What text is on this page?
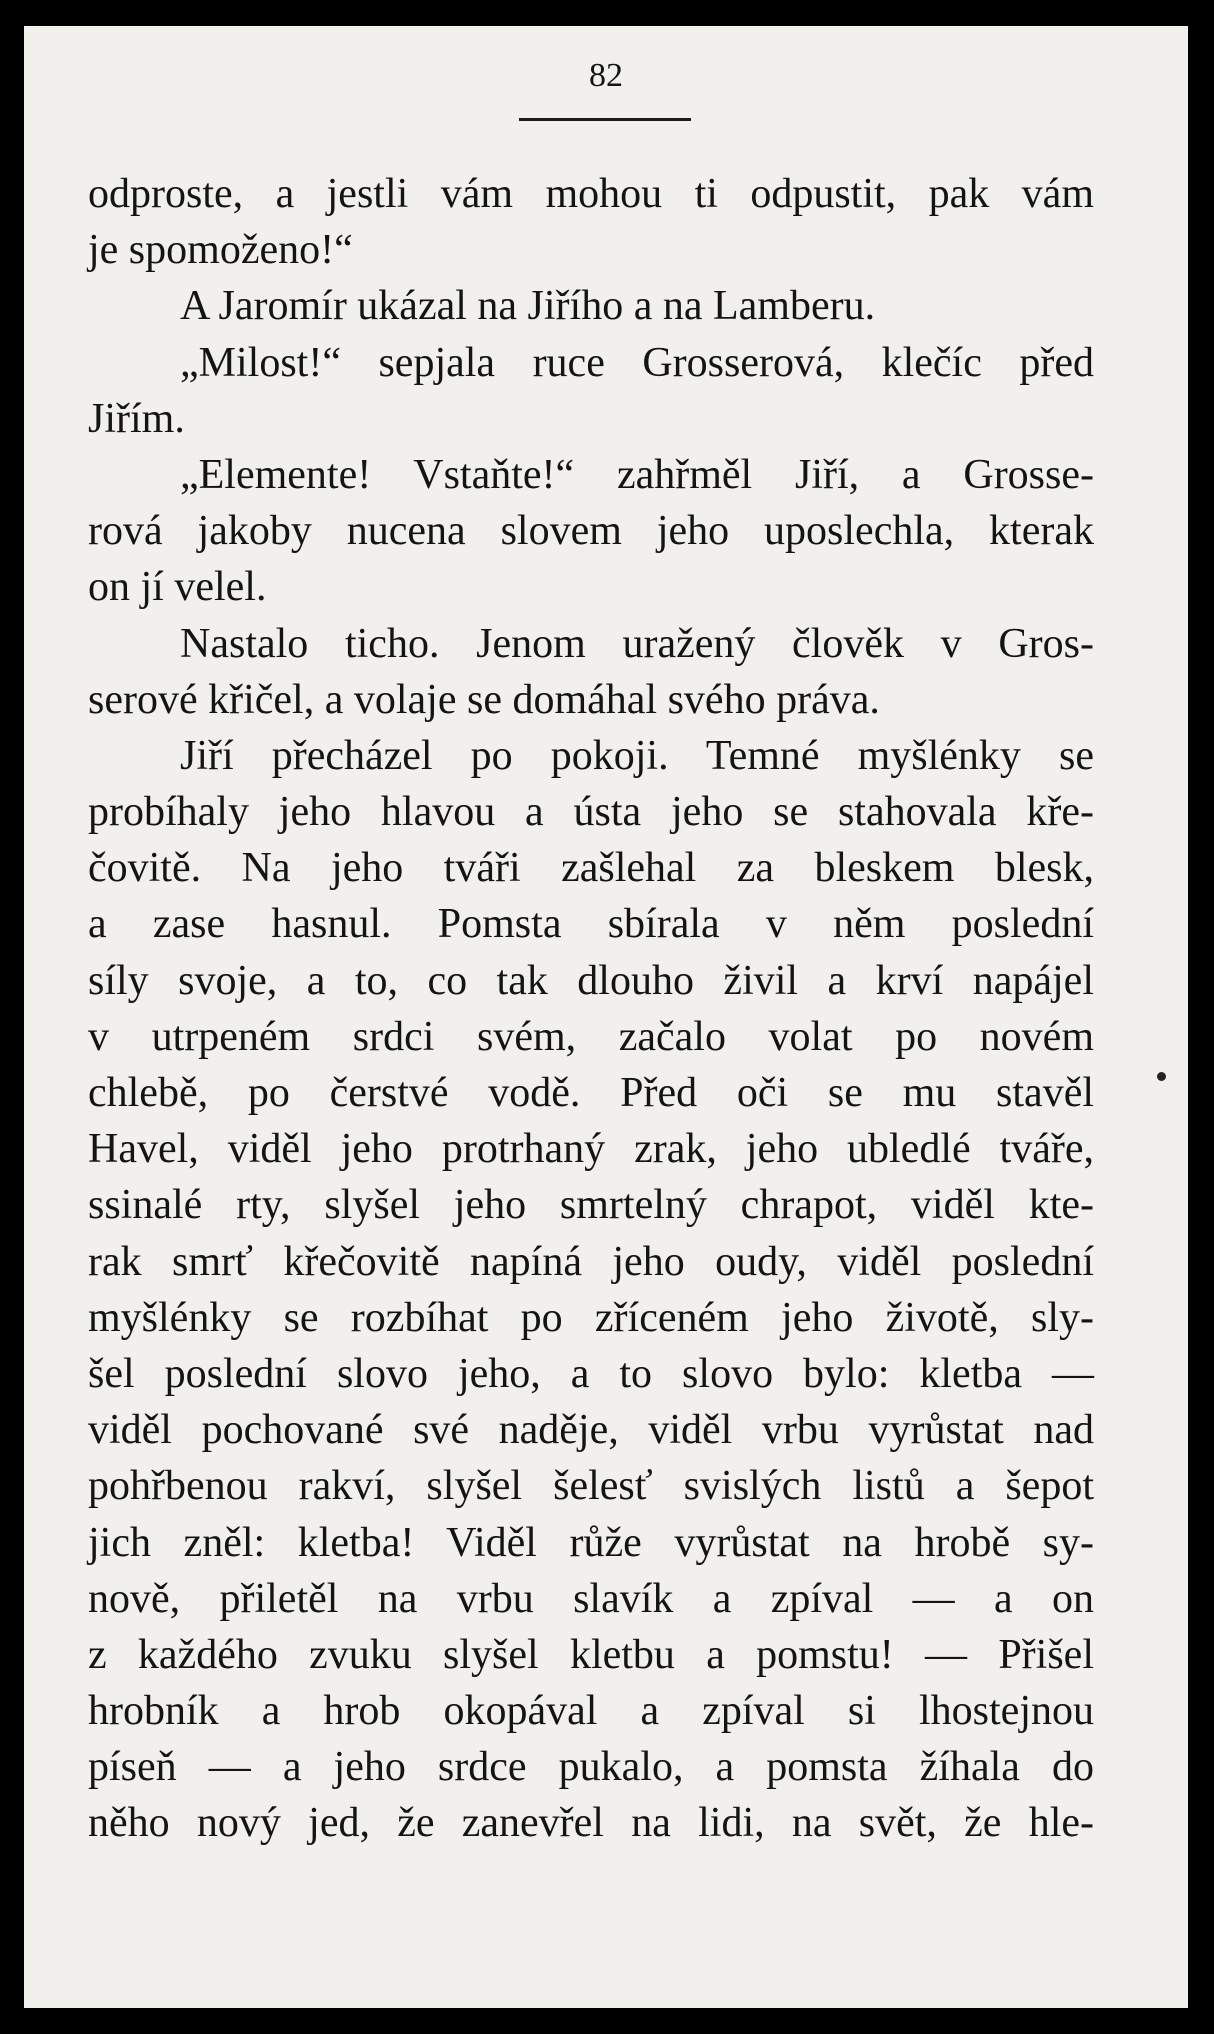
82
odproste, a jestli vám mohou ti odpustit, pak vám
je spomoženo!“
A Jaromír ukázal na Jiřího a na Lamberu.
„Milost!“ sepjala ruce Grosserová, klečíc před
Jiřím.
„Elemente! Vstaňte!“ zahřměl Jiří, a Grosse-
rová jakoby nucena slovem jeho uposlechla, kterak
on jí velel.
Nastalo ticho. Jenom uražený člověk v Gros-
serové křičel, a volaje se domáhal svého práva.
Jiří přecházel po pokoji. Temné myšlénky se
probíhaly jeho hlavou a ústa jeho se stahovala kře-
čovitě. Na jeho tváři zašlehal za bleskem blesk,
a zase hasnul. Pomsta sbírala v něm poslední
síly svoje, a to, co tak dlouho živil a krví napájel
v utrpeném srdci svém, začalo volat po novém
chlebě, po čerstvé vodě. Před oči se mu stavěl
Havel, viděl jeho protrhaný zrak, jeho ubledlé tváře,
ssinalé rty, slyšel jeho smrtelný chrapot, viděl kte-
rak smrť křečovitě napíná jeho oudy, viděl poslední
myšlénky se rozbíhat po zříceném jeho životě, sly-
šel poslední slovo jeho, a to slovo bylo: kletba —
viděl pochované své naděje, viděl vrbu vyrůstat nad
pohřbenou rakví, slyšel šelesť svislých listů a šepot
jich zněl: kletba! Viděl růže vyrůstat na hrobě sy-
nově, přiletěl na vrbu slavík a zpíval — a on
z každého zvuku slyšel kletbu a pomstu! — Přišel
hrobník a hrob okopával a zpíval si lhostejnou
píseň — a jeho srdce pukalo, a pomsta žíhala do
něho nový jed, že zanevřel na lidi, na svět, že hle-
